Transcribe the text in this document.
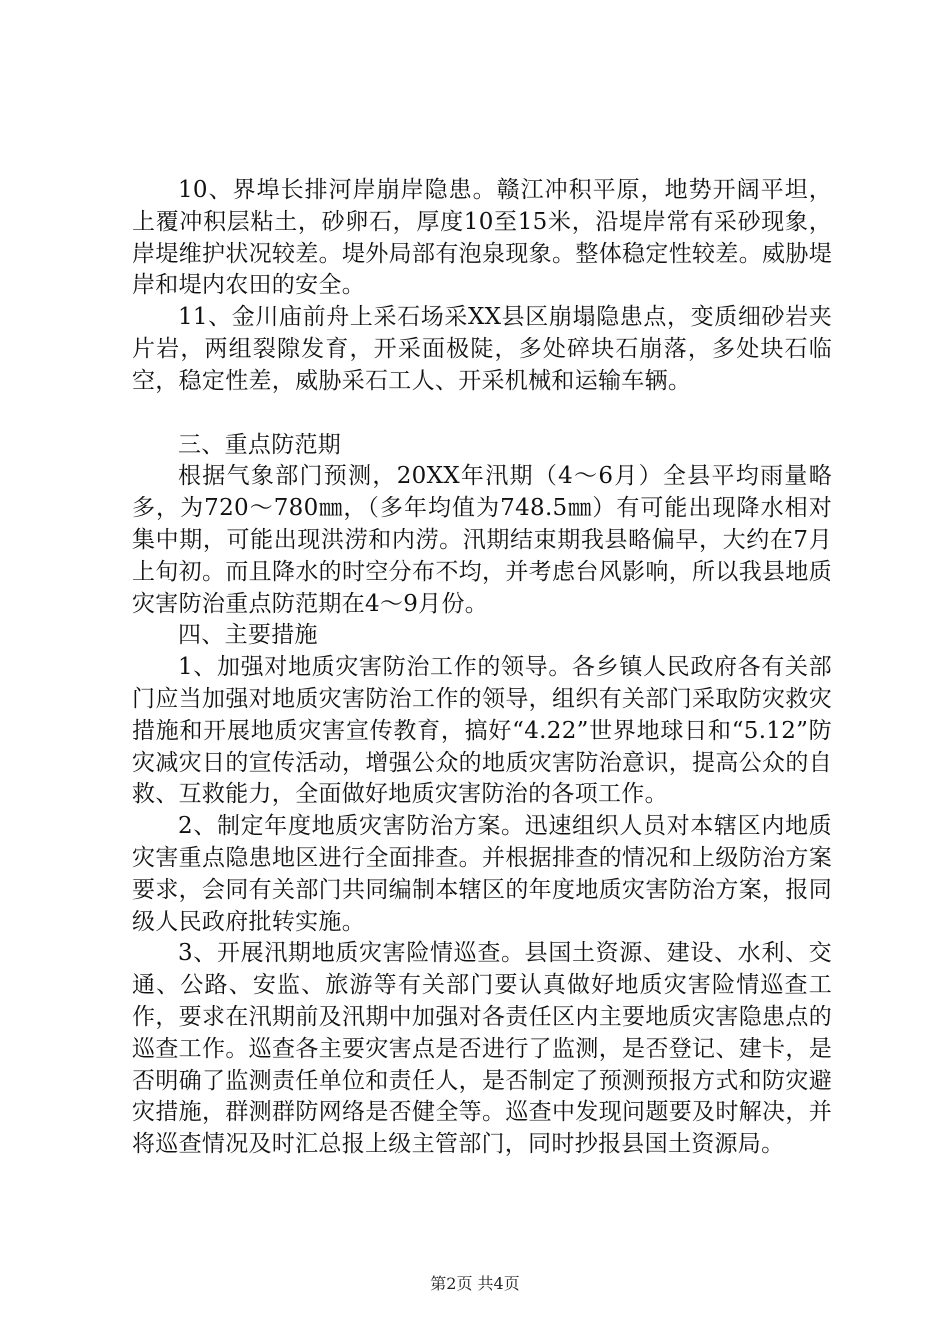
10、界埠长排河岸崩岸隐患。赣江冲积平原，地势开阔平坦，上覆冲积层粘土，砂卵石，厚度10至15米，沿堤岸常有采砂现象，岸堤维护状况较差。堤外局部有泡泉现象。整体稳定性较差。威胁堤岸和堤内农田的安全。

11、金川庙前舟上采石场采XX县区崩塌隐患点，变质细砂岩夹片岩，两组裂隙发育，开采面极陡，多处碎块石崩落，多处块石临空，稳定性差，威胁采石工人、开采机械和运输车辆。

三、重点防范期

根据气象部门预测，20XX年汛期（4～6月）全县平均雨量略多，为720～780㎜，（多年均值为748.5㎜）有可能出现降水相对集中期，可能出现洪涝和内涝。汛期结束期我县略偏早，大约在7月上旬初。而且降水的时空分布不均，并考虑台风影响，所以我县地质灾害防治重点防范期在4～9月份。

四、主要措施

1、加强对地质灾害防治工作的领导。各乡镇人民政府各有关部门应当加强对地质灾害防治工作的领导，组织有关部门采取防灾救灾措施和开展地质灾害宣传教育，搞好“4.22”世界地球日和“5.12”防灾减灾日的宣传活动，增强公众的地质灾害防治意识，提高公众的自救、互救能力，全面做好地质灾害防治的各项工作。

2、制定年度地质灾害防治方案。迅速组织人员对本辖区内地质灾害重点隐患地区进行全面排查。并根据排查的情况和上级防治方案要求，会同有关部门共同编制本辖区的年度地质灾害防治方案，报同级人民政府批转实施。

3、开展汛期地质灾害险情巡查。县国土资源、建设、水利、交通、公路、安监、旅游等有关部门要认真做好地质灾害险情巡查工作，要求在汛期前及汛期中加强对各责任区内主要地质灾害隐患点的巡查工作。巡查各主要灾害点是否进行了监测，是否登记、建卡，是否明确了监测责任单位和责任人，是否制定了预测预报方式和防灾避灾措施，群测群防网络是否健全等。巡查中发现问题要及时解决，并将巡查情况及时汇总报上级主管部门，同时抄报县国土资源局。

第2页 共4页
